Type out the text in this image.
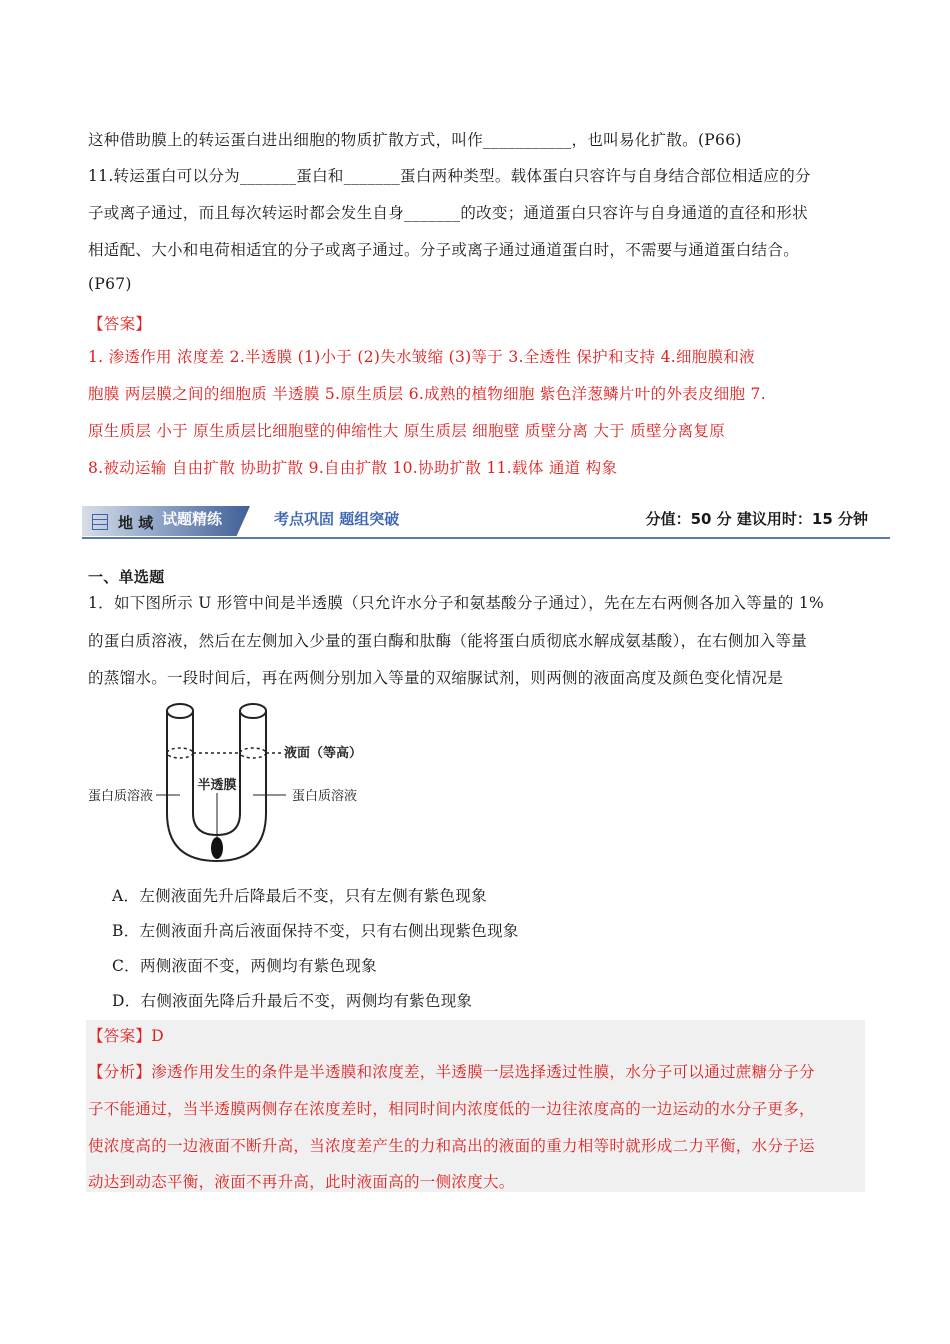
这种借助膜上的转运蛋白进出细胞的物质扩散方式，叫作___________，也叫易化扩散。(P66)
11.转运蛋白可以分为_______蛋白和_______蛋白两种类型。载体蛋白只容许与自身结合部位相适应的分
子或离子通过，而且每次转运时都会发生自身_______的改变；通道蛋白只容许与自身通道的直径和形状
相适配、大小和电荷相适宜的分子或离子通过。分子或离子通过通道蛋白时，不需要与通道蛋白结合。
(P67)
【答案】
1. 渗透作用 浓度差 2.半透膜 (1)小于 (2)失水皱缩 (3)等于 3.全透性 保护和支持 4.细胞膜和液
胞膜 两层膜之间的细胞质 半透膜 5.原生质层 6.成熟的植物细胞 紫色洋葱鳞片叶的外表皮细胞 7.
原生质层 小于 原生质层比细胞壁的伸缩性大 原生质层 细胞壁 质壁分离 大于 质壁分离复原
8.被动运输 自由扩散 协助扩散 9.自由扩散 10.协助扩散 11.载体 通道 构象
地 域 试题精练	考点巩固 题组突破	分值：50 分 建议用时：15 分钟
一、单选题
1．如下图所示 U 形管中间是半透膜（只允许水分子和氨基酸分子通过），先在左右两侧各加入等量的 1%
的蛋白质溶液，然后在左侧加入少量的蛋白酶和肽酶（能将蛋白质彻底水解成氨基酸），在右侧加入等量
的蒸馏水。一段时间后，再在两侧分别加入等量的双缩脲试剂，则两侧的液面高度及颜色变化情况是
液面（等高）
半透膜
蛋白质溶液	蛋白质溶液
A．左侧液面先升后降最后不变，只有左侧有紫色现象
B．左侧液面升高后液面保持不变，只有右侧出现紫色现象
C．两侧液面不变，两侧均有紫色现象
D．右侧液面先降后升最后不变，两侧均有紫色现象
【答案】D
【分析】渗透作用发生的条件是半透膜和浓度差，半透膜一层选择透过性膜，水分子可以通过蔗糖分子分
子不能通过，当半透膜两侧存在浓度差时，相同时间内浓度低的一边往浓度高的一边运动的水分子更多，
使浓度高的一边液面不断升高，当浓度差产生的力和高出的液面的重力相等时就形成二力平衡，水分子运
动达到动态平衡，液面不再升高，此时液面高的一侧浓度大。
